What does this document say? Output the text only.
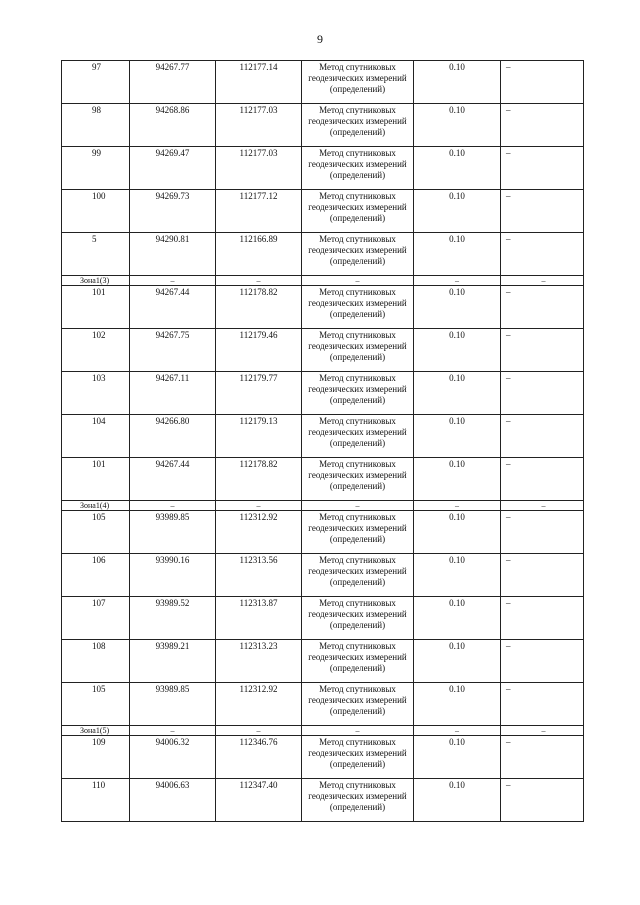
9
97	94267.77	112177.14	Метод спутниковых геодезических измерений (определений)	0.10	–
98	94268.86	112177.03	Метод спутниковых геодезических измерений (определений)	0.10	–
99	94269.47	112177.03	Метод спутниковых геодезических измерений (определений)	0.10	–
100	94269.73	112177.12	Метод спутниковых геодезических измерений (определений)	0.10	–
5	94290.81	112166.89	Метод спутниковых геодезических измерений (определений)	0.10	–
Зона1(3)	–	–	–	–	–
101	94267.44	112178.82	Метод спутниковых геодезических измерений (определений)	0.10	–
102	94267.75	112179.46	Метод спутниковых геодезических измерений (определений)	0.10	–
103	94267.11	112179.77	Метод спутниковых геодезических измерений (определений)	0.10	–
104	94266.80	112179.13	Метод спутниковых геодезических измерений (определений)	0.10	–
101	94267.44	112178.82	Метод спутниковых геодезических измерений (определений)	0.10	–
Зона1(4)	–	–	–	–	–
105	93989.85	112312.92	Метод спутниковых геодезических измерений (определений)	0.10	–
106	93990.16	112313.56	Метод спутниковых геодезических измерений (определений)	0.10	–
107	93989.52	112313.87	Метод спутниковых геодезических измерений (определений)	0.10	–
108	93989.21	112313.23	Метод спутниковых геодезических измерений (определений)	0.10	–
105	93989.85	112312.92	Метод спутниковых геодезических измерений (определений)	0.10	–
Зона1(5)	–	–	–	–	–
109	94006.32	112346.76	Метод спутниковых геодезических измерений (определений)	0.10	–
110	94006.63	112347.40	Метод спутниковых геодезических измерений (определений)	0.10	–
